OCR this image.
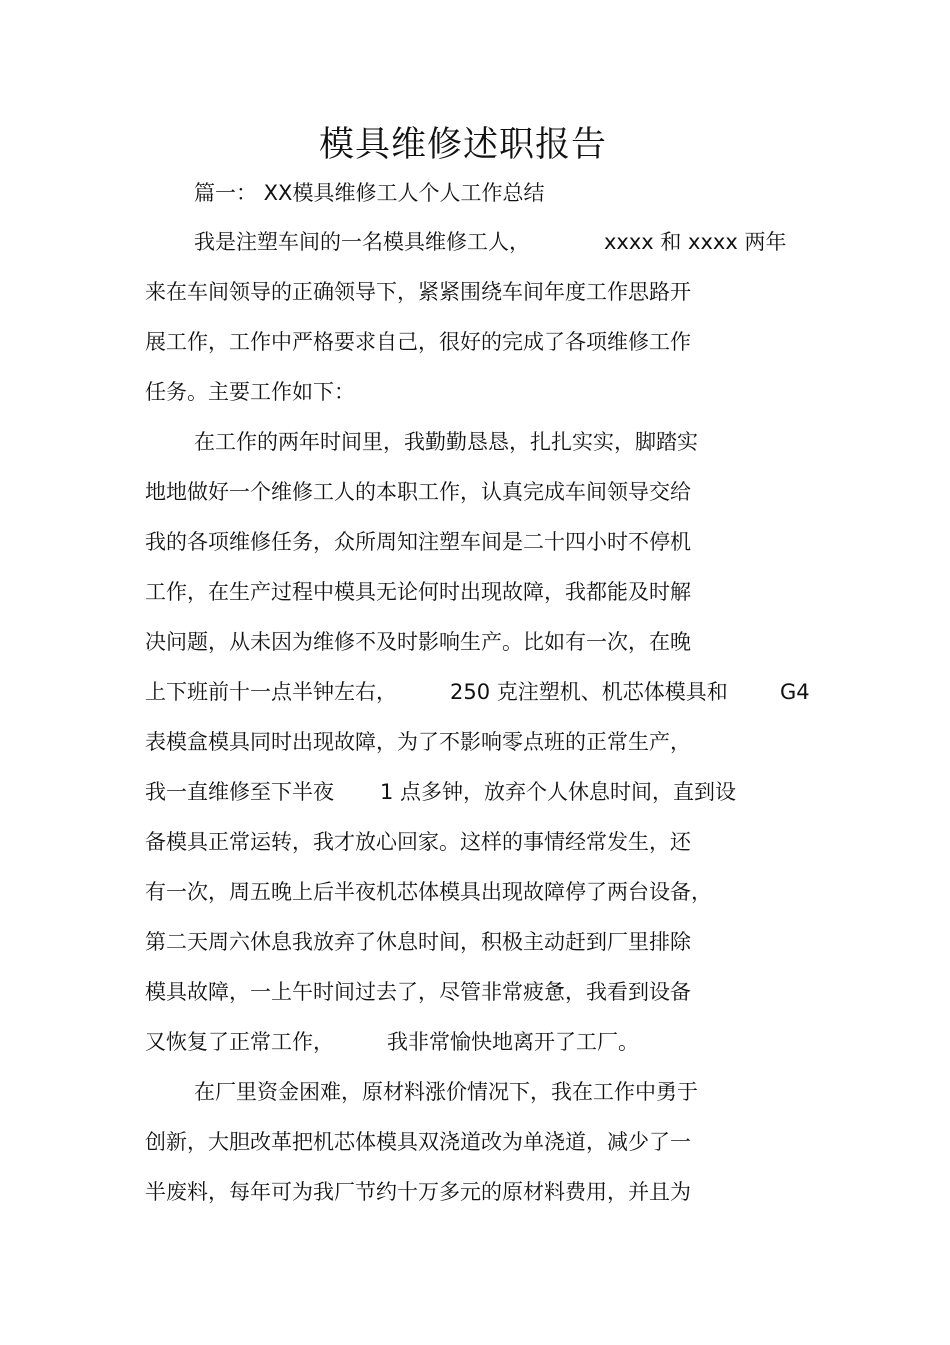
模具维修述职报告
篇一： XX模具维修工人个人工作总结
我是注塑车间的一名模具维修工人，	xxxx 和 xxxx 两年
来在车间领导的正确领导下，紧紧围绕车间年度工作思路开
展工作，工作中严格要求自己，很好的完成了各项维修工作
任务。主要工作如下：
在工作的两年时间里，我勤勤恳恳，扎扎实实，脚踏实
地地做好一个维修工人的本职工作，认真完成车间领导交给
我的各项维修任务，众所周知注塑车间是二十四小时不停机
工作，在生产过程中模具无论何时出现故障，我都能及时解
决问题，从未因为维修不及时影响生产。比如有一次，在晚
上下班前十一点半钟左右，	250 克注塑机、机芯体模具和 G4
表模盒模具同时出现故障，为了不影响零点班的正常生产，
我一直维修至下半夜 1 点多钟，放弃个人休息时间，直到设
备模具正常运转，我才放心回家。这样的事情经常发生，还
有一次，周五晚上后半夜机芯体模具出现故障停了两台设备，
第二天周六休息我放弃了休息时间，积极主动赶到厂里排除
模具故障，一上午时间过去了，尽管非常疲惫，我看到设备
又恢复了正常工作，	我非常愉快地离开了工厂。
在厂里资金困难，原材料涨价情况下，我在工作中勇于
创新，大胆改革把机芯体模具双浇道改为单浇道，减少了一
半废料，每年可为我厂节约十万多元的原材料费用，并且为
